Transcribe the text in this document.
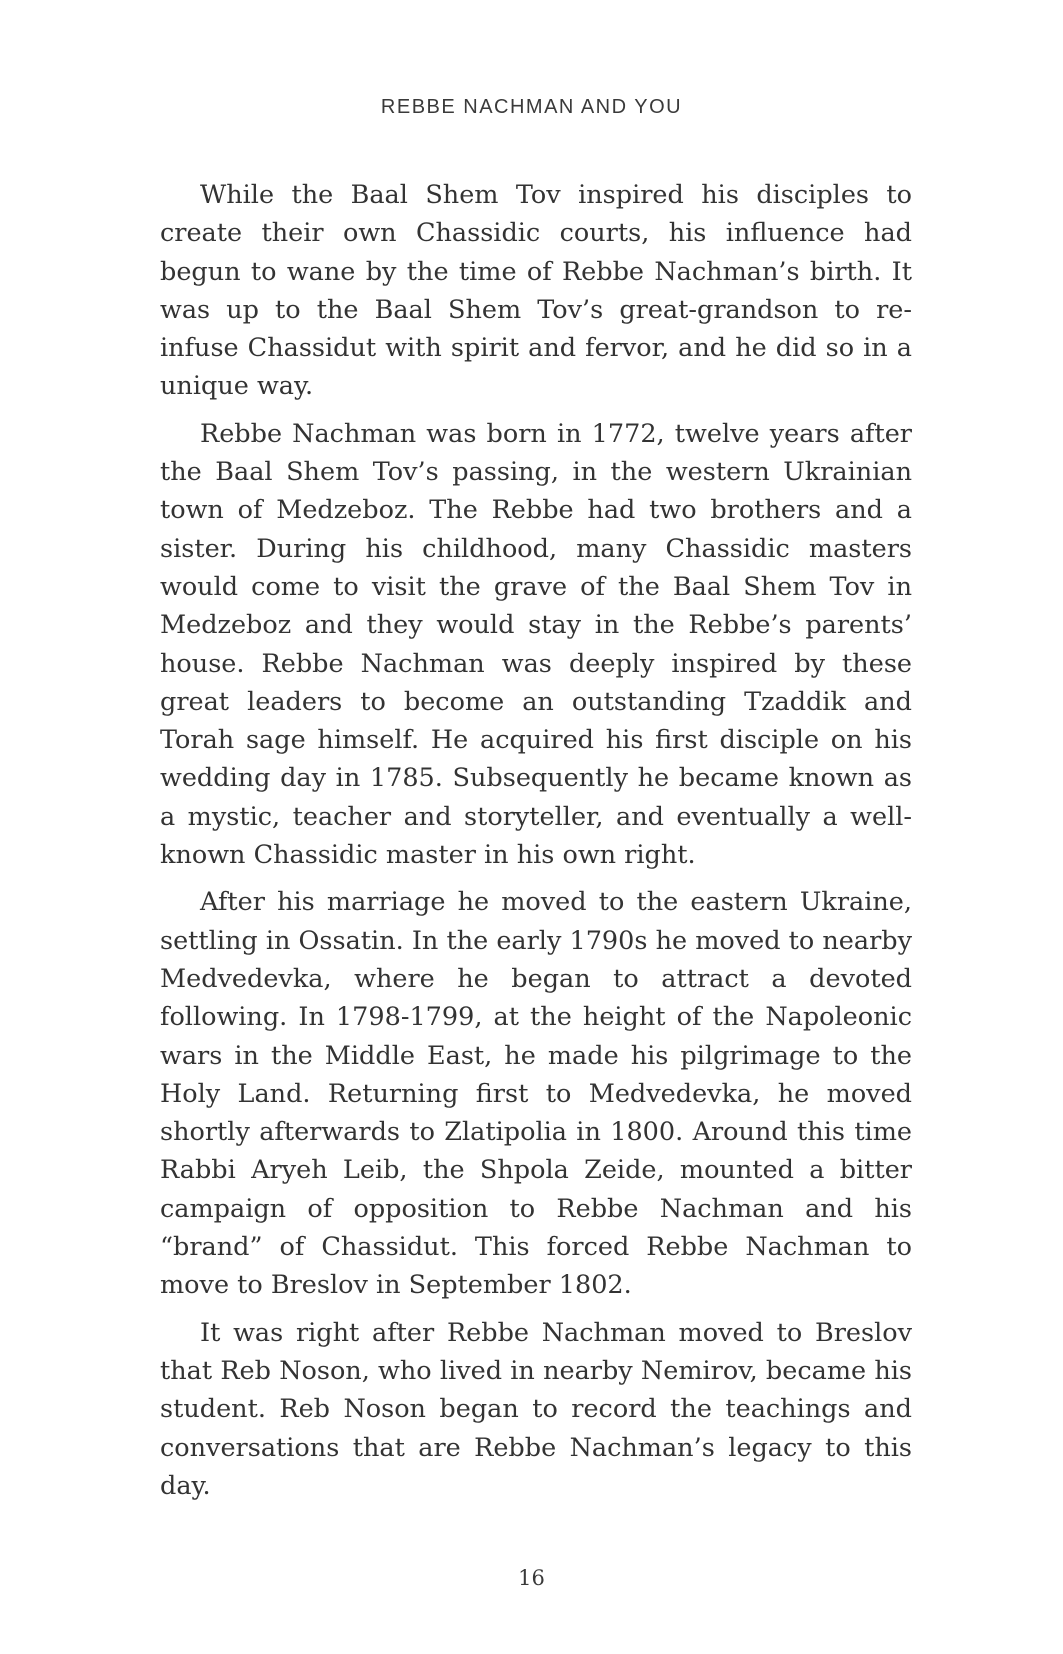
REBBE NACHMAN AND YOU

While the Baal Shem Tov inspired his disciples to create their own Chassidic courts, his influence had begun to wane by the time of Rebbe Nachman’s birth. It was up to the Baal Shem Tov’s great-grandson to re-infuse Chassidut with spirit and fervor, and he did so in a unique way.

Rebbe Nachman was born in 1772, twelve years after the Baal Shem Tov’s passing, in the western Ukrainian town of Medzeboz. The Rebbe had two brothers and a sister. During his childhood, many Chassidic masters would come to visit the grave of the Baal Shem Tov in Medzeboz and they would stay in the Rebbe’s parents’ house. Rebbe Nachman was deeply inspired by these great leaders to become an outstanding Tzaddik and Torah sage himself. He acquired his first disciple on his wedding day in 1785. Subsequently he became known as a mystic, teacher and storyteller, and eventually a well-known Chassidic master in his own right.

After his marriage he moved to the eastern Ukraine, settling in Ossatin. In the early 1790s he moved to nearby Medvedevka, where he began to attract a devoted following. In 1798-1799, at the height of the Napoleonic wars in the Middle East, he made his pilgrimage to the Holy Land. Returning first to Medvedevka, he moved shortly afterwards to Zlatipolia in 1800. Around this time Rabbi Aryeh Leib, the Shpola Zeide, mounted a bitter campaign of opposition to Rebbe Nachman and his “brand” of Chassidut. This forced Rebbe Nachman to move to Breslov in September 1802.

It was right after Rebbe Nachman moved to Breslov that Reb Noson, who lived in nearby Nemirov, became his student. Reb Noson began to record the teachings and conversations that are Rebbe Nachman’s legacy to this day.

16
